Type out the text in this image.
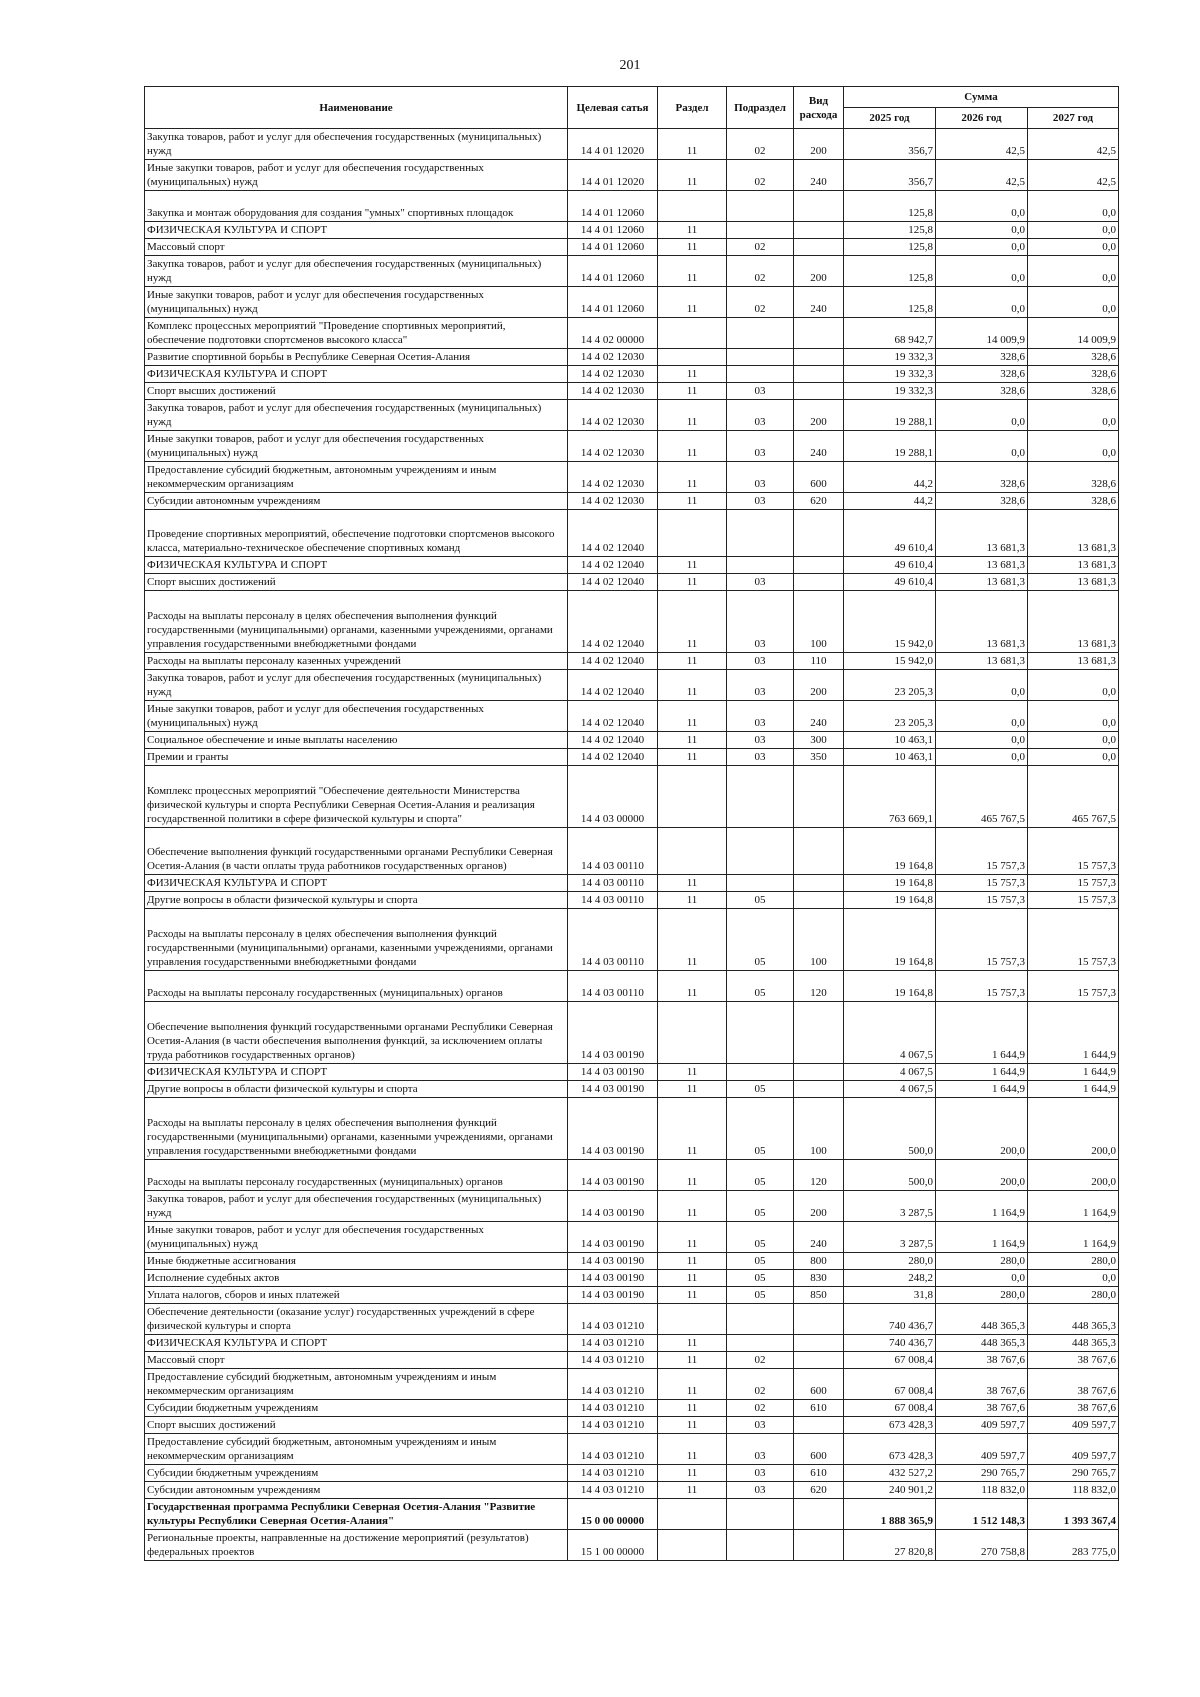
201
Наименование	Целевая сатья	Раздел	Подраздел	Вид расхода	Сумма		
					2025 год	2026 год	2027 год
Закупка товаров, работ и услуг для обеспечения государственных (муниципальных) нужд	14 4 01 12020	11	02	200	356,7	42,5	42,5
Иные закупки товаров, работ и услуг для обеспечения государственных (муниципальных) нужд	14 4 01 12020	11	02	240	356,7	42,5	42,5
Закупка и монтаж оборудования для создания "умных" спортивных площадок	14 4 01 12060				125,8	0,0	0,0
ФИЗИЧЕСКАЯ КУЛЬТУРА И СПОРТ	14 4 01 12060	11			125,8	0,0	0,0
Массовый спорт	14 4 01 12060	11	02		125,8	0,0	0,0
Закупка товаров, работ и услуг для обеспечения государственных (муниципальных) нужд	14 4 01 12060	11	02	200	125,8	0,0	0,0
Иные закупки товаров, работ и услуг для обеспечения государственных (муниципальных) нужд	14 4 01 12060	11	02	240	125,8	0,0	0,0
Комплекс процессных мероприятий "Проведение спортивных мероприятий, обеспечение подготовки спортсменов высокого класса"	14 4 02 00000				68 942,7	14 009,9	14 009,9
Развитие спортивной борьбы в Республике Северная Осетия-Алания	14 4 02 12030				19 332,3	328,6	328,6
ФИЗИЧЕСКАЯ КУЛЬТУРА И СПОРТ	14 4 02 12030	11			19 332,3	328,6	328,6
Спорт высших достижений	14 4 02 12030	11	03		19 332,3	328,6	328,6
Закупка товаров, работ и услуг для обеспечения государственных (муниципальных) нужд	14 4 02 12030	11	03	200	19 288,1	0,0	0,0
Иные закупки товаров, работ и услуг для обеспечения государственных (муниципальных) нужд	14 4 02 12030	11	03	240	19 288,1	0,0	0,0
Предоставление субсидий бюджетным, автономным учреждениям и иным некоммерческим организациям	14 4 02 12030	11	03	600	44,2	328,6	328,6
Субсидии автономным учреждениям	14 4 02 12030	11	03	620	44,2	328,6	328,6
Проведение спортивных мероприятий, обеспечение подготовки спортсменов высокого класса, материально-техническое обеспечение спортивных команд	14 4 02 12040				49 610,4	13 681,3	13 681,3
ФИЗИЧЕСКАЯ КУЛЬТУРА И СПОРТ	14 4 02 12040	11			49 610,4	13 681,3	13 681,3
Спорт высших достижений	14 4 02 12040	11	03		49 610,4	13 681,3	13 681,3
Расходы на выплаты персоналу в целях обеспечения выполнения функций государственными (муниципальными) органами, казенными учреждениями, органами управления государственными внебюджетными фондами	14 4 02 12040	11	03	100	15 942,0	13 681,3	13 681,3
Расходы на выплаты персоналу казенных учреждений	14 4 02 12040	11	03	110	15 942,0	13 681,3	13 681,3
Закупка товаров, работ и услуг для обеспечения государственных (муниципальных) нужд	14 4 02 12040	11	03	200	23 205,3	0,0	0,0
Иные закупки товаров, работ и услуг для обеспечения государственных (муниципальных) нужд	14 4 02 12040	11	03	240	23 205,3	0,0	0,0
Социальное обеспечение и иные выплаты населению	14 4 02 12040	11	03	300	10 463,1	0,0	0,0
Премии и гранты	14 4 02 12040	11	03	350	10 463,1	0,0	0,0
Комплекс процессных мероприятий "Обеспечение деятельности Министерства физической культуры и спорта Республики Северная Осетия-Алания и реализация государственной политики в сфере физической культуры и спорта"	14 4 03 00000				763 669,1	465 767,5	465 767,5
Обеспечение выполнения функций государственными органами Республики Северная Осетия-Алания (в части оплаты труда работников государственных органов)	14 4 03 00110				19 164,8	15 757,3	15 757,3
ФИЗИЧЕСКАЯ КУЛЬТУРА И СПОРТ	14 4 03 00110	11			19 164,8	15 757,3	15 757,3
Другие вопросы в области физической культуры и спорта	14 4 03 00110	11	05		19 164,8	15 757,3	15 757,3
Расходы на выплаты персоналу в целях обеспечения выполнения функций государственными (муниципальными) органами, казенными учреждениями, органами управления государственными внебюджетными фондами	14 4 03 00110	11	05	100	19 164,8	15 757,3	15 757,3
Расходы на выплаты персоналу государственных (муниципальных) органов	14 4 03 00110	11	05	120	19 164,8	15 757,3	15 757,3
Обеспечение выполнения функций государственными органами Республики Северная Осетия-Алания (в части обеспечения выполнения функций, за исключением оплаты труда работников государственных органов)	14 4 03 00190				4 067,5	1 644,9	1 644,9
ФИЗИЧЕСКАЯ КУЛЬТУРА И СПОРТ	14 4 03 00190	11			4 067,5	1 644,9	1 644,9
Другие вопросы в области физической культуры и спорта	14 4 03 00190	11	05		4 067,5	1 644,9	1 644,9
Расходы на выплаты персоналу в целях обеспечения выполнения функций государственными (муниципальными) органами, казенными учреждениями, органами управления государственными внебюджетными фондами	14 4 03 00190	11	05	100	500,0	200,0	200,0
Расходы на выплаты персоналу государственных (муниципальных) органов	14 4 03 00190	11	05	120	500,0	200,0	200,0
Закупка товаров, работ и услуг для обеспечения государственных (муниципальных) нужд	14 4 03 00190	11	05	200	3 287,5	1 164,9	1 164,9
Иные закупки товаров, работ и услуг для обеспечения государственных (муниципальных) нужд	14 4 03 00190	11	05	240	3 287,5	1 164,9	1 164,9
Иные бюджетные ассигнования	14 4 03 00190	11	05	800	280,0	280,0	280,0
Исполнение судебных актов	14 4 03 00190	11	05	830	248,2	0,0	0,0
Уплата налогов, сборов и иных платежей	14 4 03 00190	11	05	850	31,8	280,0	280,0
Обеспечение деятельности (оказание услуг) государственных учреждений в сфере физической культуры и спорта	14 4 03 01210				740 436,7	448 365,3	448 365,3
ФИЗИЧЕСКАЯ КУЛЬТУРА И СПОРТ	14 4 03 01210	11			740 436,7	448 365,3	448 365,3
Массовый спорт	14 4 03 01210	11	02		67 008,4	38 767,6	38 767,6
Предоставление субсидий бюджетным, автономным учреждениям и иным некоммерческим организациям	14 4 03 01210	11	02	600	67 008,4	38 767,6	38 767,6
Субсидии бюджетным учреждениям	14 4 03 01210	11	02	610	67 008,4	38 767,6	38 767,6
Спорт высших достижений	14 4 03 01210	11	03		673 428,3	409 597,7	409 597,7
Предоставление субсидий бюджетным, автономным учреждениям и иным некоммерческим организациям	14 4 03 01210	11	03	600	673 428,3	409 597,7	409 597,7
Субсидии бюджетным учреждениям	14 4 03 01210	11	03	610	432 527,2	290 765,7	290 765,7
Субсидии автономным учреждениям	14 4 03 01210	11	03	620	240 901,2	118 832,0	118 832,0
Государственная программа Республики Северная Осетия-Алания "Развитие культуры Республики Северная Осетия-Алания"	15 0 00 00000				1 888 365,9	1 512 148,3	1 393 367,4
Региональные проекты, направленные на достижение мероприятий (результатов) федеральных проектов	15 1 00 00000				27 820,8	270 758,8	283 775,0
